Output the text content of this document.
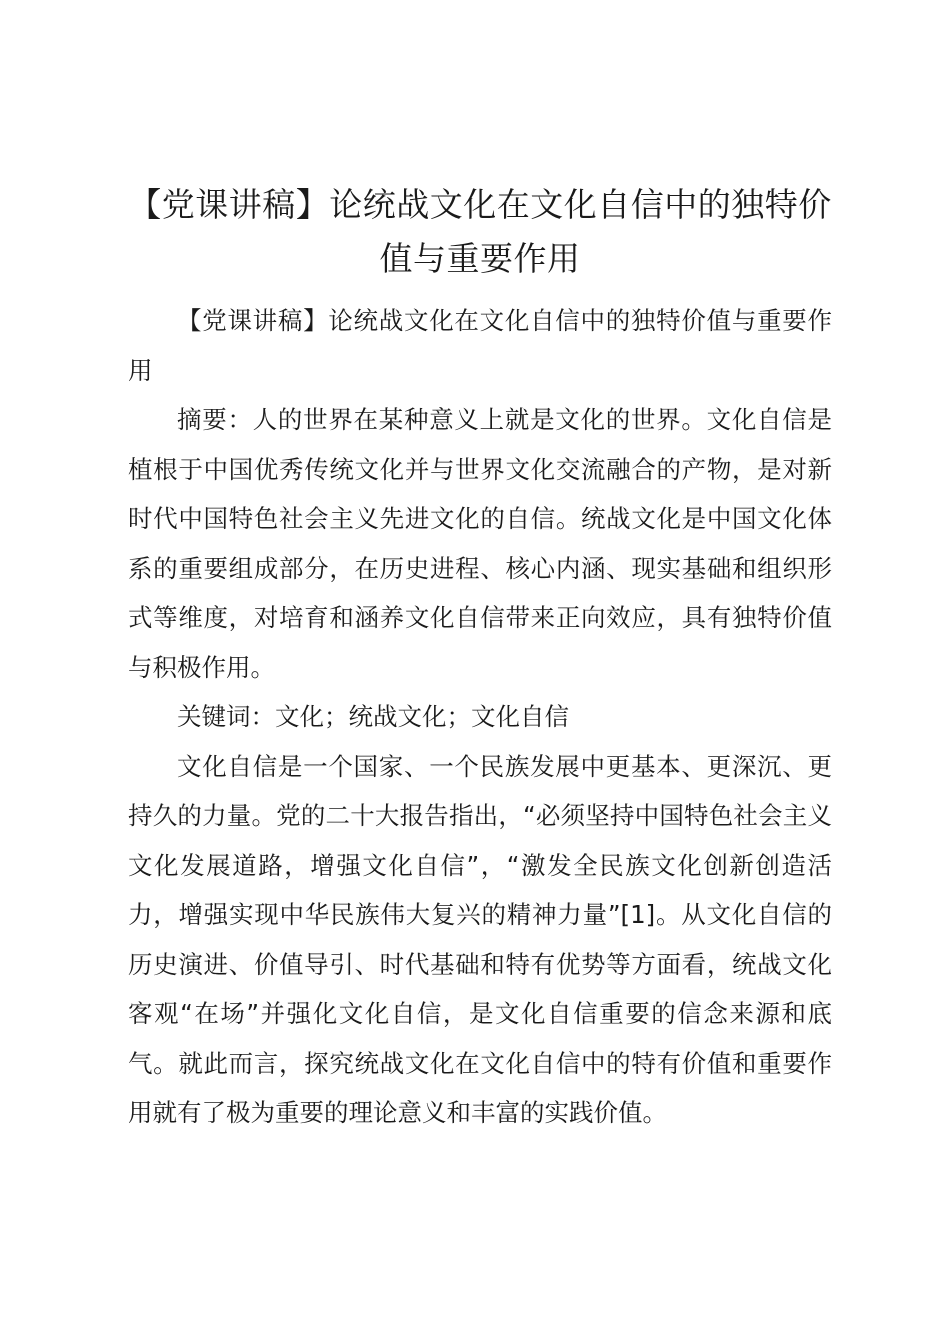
【党课讲稿】论统战文化在文化自信中的独特价值与重要作用

【党课讲稿】论统战文化在文化自信中的独特价值与重要作用

摘要：人的世界在某种意义上就是文化的世界。文化自信是植根于中国优秀传统文化并与世界文化交流融合的产物，是对新时代中国特色社会主义先进文化的自信。统战文化是中国文化体系的重要组成部分，在历史进程、核心内涵、现实基础和组织形式等维度，对培育和涵养文化自信带来正向效应，具有独特价值与积极作用。

关键词：文化；统战文化；文化自信

文化自信是一个国家、一个民族发展中更基本、更深沉、更持久的力量。党的二十大报告指出，“必须坚持中国特色社会主义文化发展道路，增强文化自信”，“激发全民族文化创新创造活力，增强实现中华民族伟大复兴的精神力量”[1]。从文化自信的历史演进、价值导引、时代基础和特有优势等方面看，统战文化客观“在场”并强化文化自信，是文化自信重要的信念来源和底气。就此而言，探究统战文化在文化自信中的特有价值和重要作用就有了极为重要的理论意义和丰富的实践价值。
